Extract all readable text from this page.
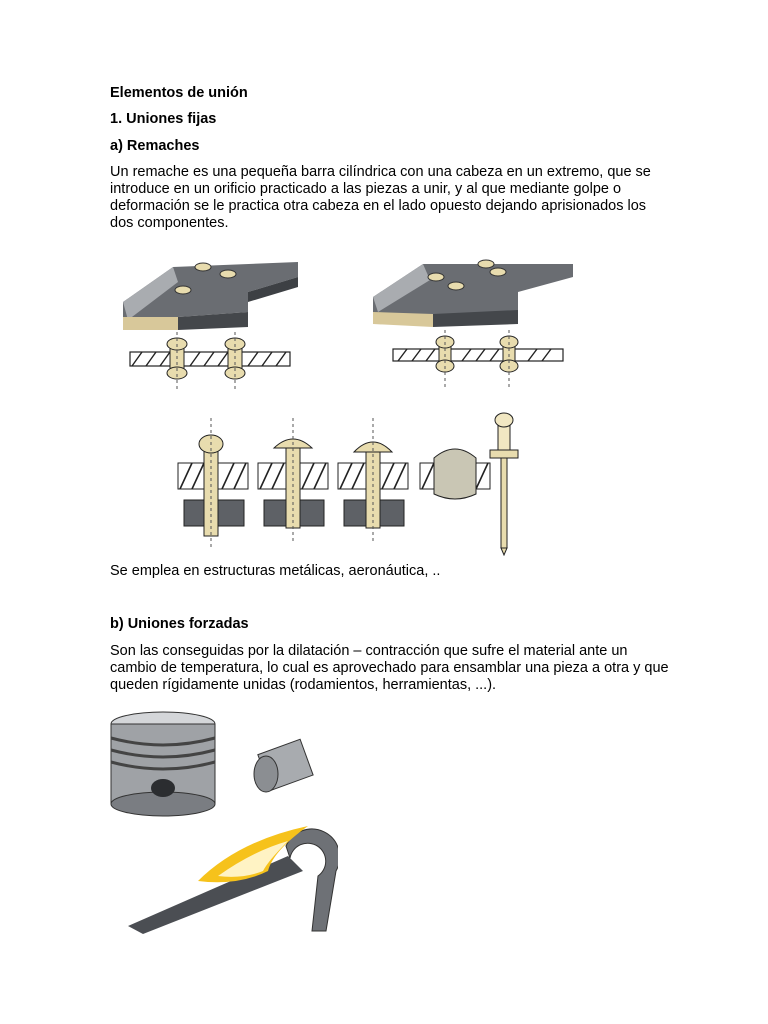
Elementos de unión
1. Uniones fijas
a) Remaches
Un remache es una pequeña barra cilíndrica con una cabeza en un extremo, que se introduce en un orificio practicado a las piezas a unir, y al que mediante golpe o deformación se le practica otra cabeza en el lado opuesto dejando aprisionados los dos componentes.
Se emplea en estructuras metálicas, aeronáutica, ..
b) Uniones forzadas
Son las conseguidas por la dilatación – contracción que sufre el material ante un cambio de temperatura, lo cual es aprovechado para ensamblar una pieza a otra y que queden rígidamente unidas (rodamientos, herramientas, ...).
